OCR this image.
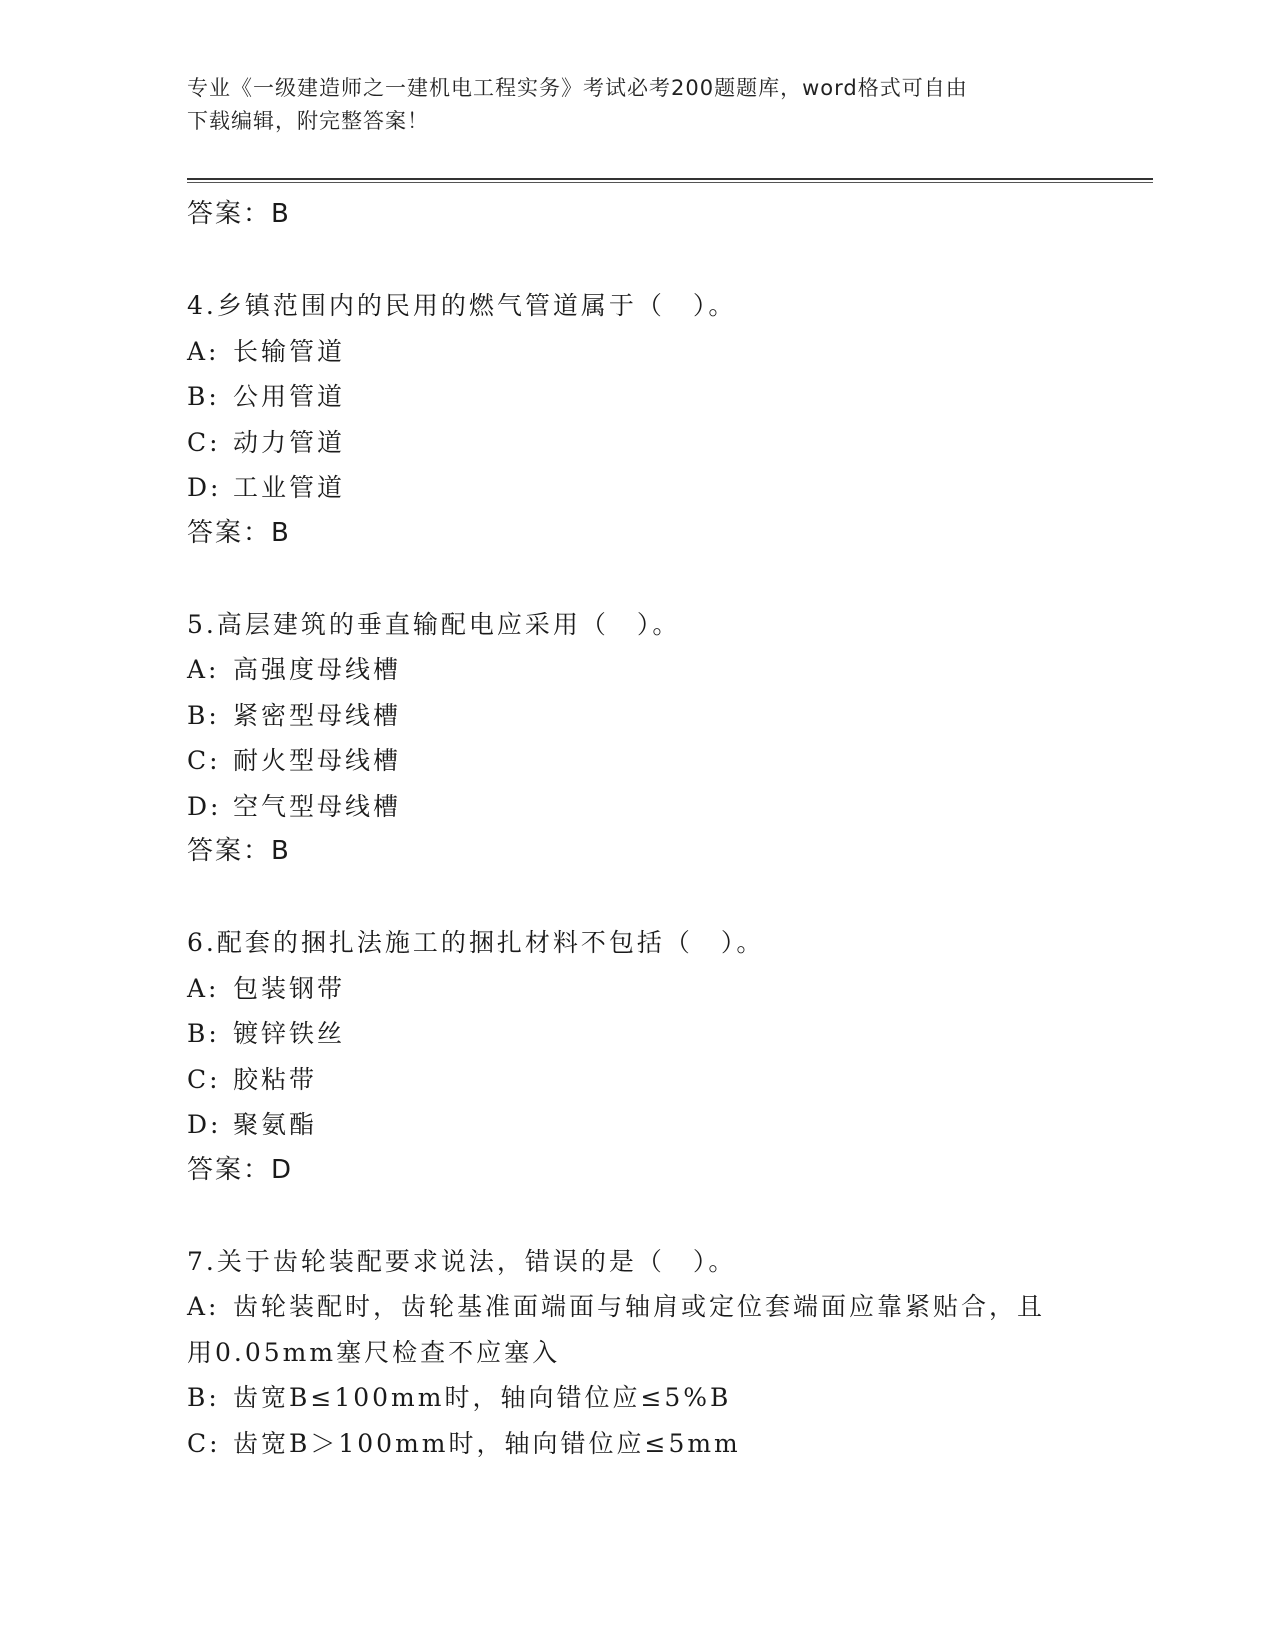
专业《一级建造师之一建机电工程实务》考试必考200题题库，word格式可自由
下载编辑，附完整答案！
答案：B
4.乡镇范围内的民用的燃气管道属于（　）。
A: 长输管道
B: 公用管道
C: 动力管道
D: 工业管道
答案：B
5.高层建筑的垂直输配电应采用（　）。
A: 高强度母线槽
B: 紧密型母线槽
C: 耐火型母线槽
D: 空气型母线槽
答案：B
6.配套的捆扎法施工的捆扎材料不包括（　）。
A: 包装钢带
B: 镀锌铁丝
C: 胶粘带
D: 聚氨酯
答案：D
7.关于齿轮装配要求说法，错误的是（　）。
A: 齿轮装配时，齿轮基准面端面与轴肩或定位套端面应靠紧贴合，且
用0.05mm塞尺检查不应塞入
B: 齿宽B≤100mm时，轴向错位应≤5%B
C: 齿宽B＞100mm时，轴向错位应≤5mm
